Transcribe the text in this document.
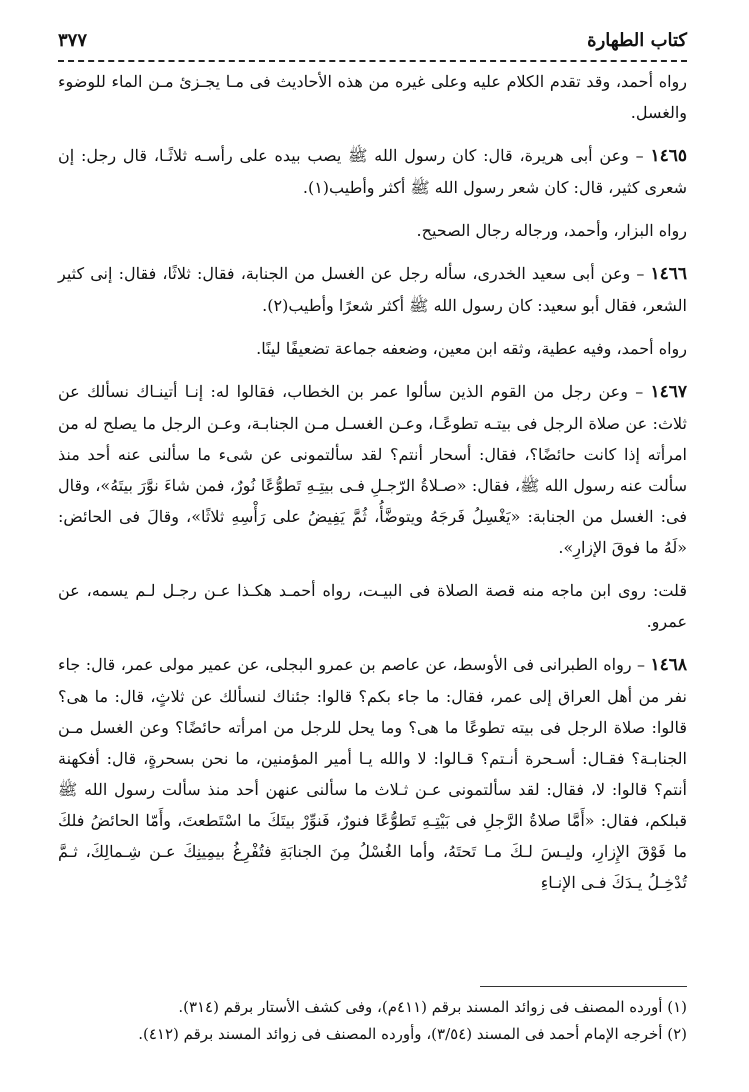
كتاب الطهارة
٣٧٧

رواه أحمد، وقد تقدم الكلام عليه وعلى غيره من هذه الأحاديث فى مـا يجـزئ مـن الماء للوضوء والغسل.

١٤٦٥ – وعن أبى هريرة، قال: كان رسول الله ﷺ يصب بيده على رأسـه ثلاثًـا، قال رجل: إن شعرى كثير، قال: كان شعر رسول الله ﷺ أكثر وأطيب(١).

رواه البزار، وأحمد، ورجاله رجال الصحيح.

١٤٦٦ – وعن أبى سعيد الخدرى، سأله رجل عن الغسل من الجنابة، فقال: ثلاثًا، فقال: إنى كثير الشعر، فقال أبو سعيد: كان رسول الله ﷺ أكثر شعرًا وأطيب(٢).

رواه أحمد، وفيه عطية، وثقه ابن معين، وضعفه جماعة تضعيفًا لينًا.

١٤٦٧ – وعن رجل من القوم الذين سألوا عمر بن الخطاب، فقالوا له: إنـا أتينـاك نسألك عن ثلاث: عن صلاة الرجل فى بيتـه تطوعًـا، وعـن الغسـل مـن الجنابـة، وعـن الرجل ما يصلح له من امرأته إذا كانت حائضًا؟، فقال: أسحار أنتم؟ لقد سألتمونى عن شىء ما سألنى عنه أحد منذ سألت عنه رسول الله ﷺ، فقال: «صـلاةُ الرّجـلِ فـى بيتِـهِ تَطوُّعًا نُورٌ، فمن شاءَ نوَّرَ بيتَهُ»، وقال فى: الغسل من الجنابة: «يَغْسِلُ فَرجَهُ ويتوضَّأُ، ثُمَّ يَفِيضُ على رَأْسِهِ ثلاثًا»، وقالَ فى الحائض: «لَهُ ما فوقَ الإزارِ».

قلت: روى ابن ماجه منه قصة الصلاة فى البيـت، رواه أحمـد هكـذا عـن رجـل لـم يسمه، عن عمرو.

١٤٦٨ – رواه الطبرانى فى الأوسط، عن عاصم بن عمرو البجلى، عن عمير مولى عمر، قال: جاء نفر من أهل العراق إلى عمر، فقال: ما جاء بكم؟ قالوا: جئناك لنسألك عن ثلاثٍ، قال: ما هى؟ قالوا: صلاة الرجل فى بيته تطوعًا ما هى؟ وما يحل للرجل من امرأته حائضًا؟ وعن الغسل مـن الجنابـة؟ فقـال: أسـحرة أنـتم؟ قـالوا: لا والله يـا أمير المؤمنين، ما نحن بسحرةٍ، قال: أفكهنة أنتم؟ قالوا: لا، فقال: لقد سألتمونى عـن ثـلاث ما سألنى عنهن أحد منذ سألت رسول الله ﷺ قبلكم، فقال: «أَمَّا صلاةُ الرَّجلِ فى بَيْتِـهِ تَطوُّعًا فنورٌ، فَنوِّرْ بيتَكَ ما اسْتَطعتَ، وأَمّا الحائضُ فلكَ ما فَوْقَ الإِزارِ، وليـسَ لـكَ مـا تَحتَهُ، وأما الغُسْلُ مِنَ الجنابَةِ فتُفْرِغُ بيمِينِكَ عـن شِـمالِكَ، ثـمَّ تُدْخِـلُ يـدَكَ فـى الإنـاءِ

(١) أورده المصنف فى زوائد المسند برقم (٤١١م)، وفى كشف الأستار برقم (٣١٤).
(٢) أخرجه الإمام أحمد فى المسند (٣/٥٤)، وأورده المصنف فى زوائد المسند برقم (٤١٢).
